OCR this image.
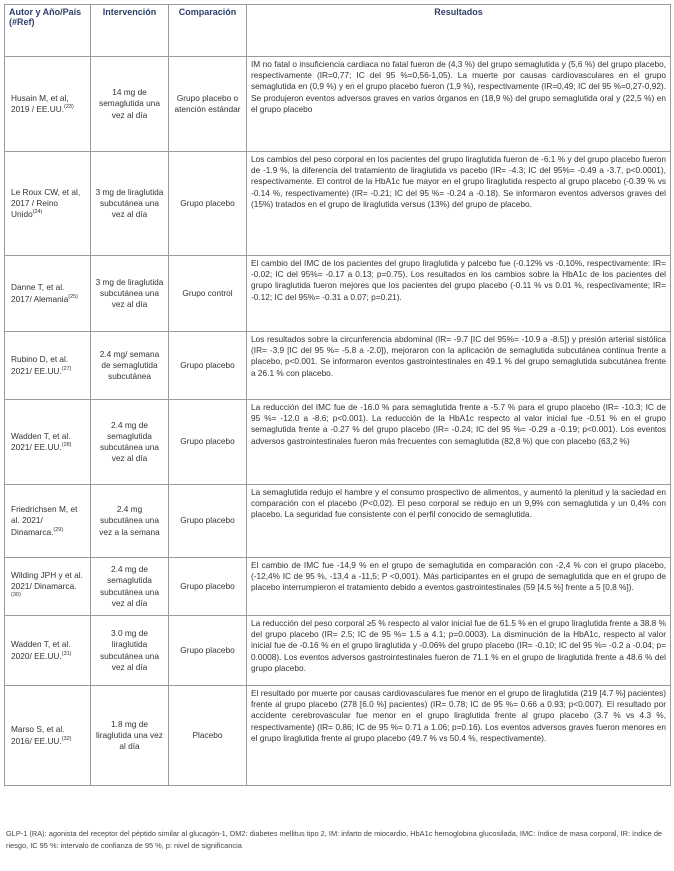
Autor y Año/País (#Ref)	Intervención	Comparación	Resultados
Husain M, et al, 2019 / EE.UU.$^{(23)}$	14 mg de semaglutida una vez al día	Grupo placebo o atención estándar	IM no fatal o insuficiencia cardiaca no fatal fueron de (4,3 %) del grupo semaglutida y (5,6 %) del grupo placebo, respectivamente (IR=0,77; IC del 95 %=0,56-1,05). La muerte por causas cardiovasculares en el grupo semaglutida en (0,9 %) y en el grupo placebo fueron (1,9 %), respectivamente (IR=0,49; IC del 95 %=0,27-0,92). Se produjeron eventos adversos graves en varios órganos en (18,9 %) del grupo semaglutida oral y (22,5 %) en el grupo placebo
Le Roux CW, et al, 2017 / Reino Unido$^{(24)}$	3 mg de liraglutida subcutánea una vez al día	Grupo placebo	Los cambios del peso corporal en los pacientes del grupo liraglutida fueron de -6.1 % y del grupo placebo fueron de -1.9 %, la diferencia del tratamiento de liraglutida vs pacebo (IR= -4.3; IC del 95%= -0.49 a -3.7, p<0.0001), respectivamente. El control de la HbA1c fue mayor en el grupo liraglutida respecto al grupo placebo (-0.39 % vs -0.14 %, respectivamente) (IR= -0.21; IC del 95 %= -0.24 a -0.18). Se informaron eventos adversos graves del (15%) tratados en el grupo de liraglutida versus (13%) del grupo de placebo.
Danne T, et al. 2017/ Alemania$^{(25)}$	3 mg de liraglutida subcutánea una vez al día	Grupo control	El cambio del IMC de los pacientes del grupo liraglutida y palcebo fue (-0.12% vs -0.10%, respectivamente: IR= -0.02; IC del 95%= -0.17 a 0.13; p=0.75). Los resultados en los cambios sobre la HbA1c de los pacientes del grupo liraglutida fueron mejores que los pacientes del grupo placebo (-0.11 % vs 0.01 %, respectivamente; IR= -0.12; IC del 95%= -0.31 a 0.07; p=0.21).
Rubino D, et al. 2021/ EE.UU.$^{(27)}$	2.4 mg/ semana de semaglutida subcutánea	Grupo placebo	Los resultados sobre la circunferencia abdominal (IR= -9.7 [IC del 95%= -10.9 a -8.5]) y presión arterial sistólica (IR= -3.9 [IC del 95 %= -5.8 a -2.0]), mejoraron con la aplicación de semaglutida subcutánea continua frente a placebo, p<0.001. Se informaron eventos gastrointestinales en 49.1 % del grupo semaglutida subcutánea frente a 26.1 % con placebo.
Wadden T, et al. 2021/ EE.UU.$^{(28)}$	2.4 mg de semaglutida subcutánea una vez al día	Grupo placebo	La reducción del IMC fue de -16.0 % para semaglutida frente a -5.7 % para el grupo placebo (IR= -10.3; IC de 95 %= -12.0 a -8.6; p<0.001). La reducción de la HbA1c respecto al valor inicial fue -0.51 % en el grupo semaglutida frente a -0.27 % del grupo placebo (IR= -0.24; IC del 95 %= -0.29 a -0.19; p<0.001). Los eventos adversos gastrointestinales fueron más frecuentes con semaglutida (82,8 %) que con placebo (63,2 %)
Friedrichsen M, et al. 2021/ Dinamarca.$^{(29)}$	2.4 mg subcutánea una vez a la semana	Grupo placebo	La semaglutida redujo el hambre y el consumo prospectivo de alimentos, y aumentó la plenitud y la saciedad en comparación con el placebo (P<0,02). El peso corporal se redujo en un 9,9% con semaglutida y un 0,4% con placebo. La seguridad fue consistente con el perfil conocido de semaglutida.
Wilding JPH y et al. 2021/ Dinamarca.$^{(30)}$	2.4 mg de semaglutida subcutánea una vez al día	Grupo placebo	El cambio de IMC fue -14,9 % en el grupo de semaglutida en comparación con -2,4 % con el grupo placebo, (-12,4% IC de 95 %, -13,4 a -11,5; P <0,001). Más participantes en el grupo de semaglutida que en el grupo de placebo interrumpieron el tratamiento debido a eventos gastrointestinales (59 [4.5 %] frente a 5 [0,8 %]).
Wadden T, et al. 2020/ EE.UU.$^{(31)}$	3.0 mg de liraglutida subcutánea una vez al día	Grupo placebo	La reducción del peso corporal ≥5 % respecto al valor inicial fue de 61.5 % en el grupo liraglutida frente a 38.8 % del grupo placebo (IR= 2.5; IC de 95 %= 1.5 a 4.1; p=0.0003). La disminución de la HbA1c, respecto al valor inicial fue de -0.16 % en el grupo liraglutida y -0.06% del grupo placebo (IR= -0.10; IC del 95 %= -0.2 a -0.04; p= 0.0008). Los eventos adversos gastrointestinales fueron de 71.1 % en el grupo de liraglutida frente a 48.6 % del grupo placebo.
Marso S, et al. 2016/ EE.UU.$^{(32)}$	1.8 mg de liraglutida una vez al día	Placebo	El resultado por muerte por causas cardiovasculares fue menor en el grupo de liraglutida (219 [4.7 %] pacientes) frente al grupo placebo (278 [6.0 %] pacientes) (IR= 0.78; IC de 95 %= 0.66 a 0.93; p<0.007). El resultado por accidente cerebrovascular fue menor en el grupo liraglutida frente al grupo placebo (3.7 % vs 4.3 %, respectivamente) (IR= 0.86; IC de 95 %= 0.71 a 1.06; p=0.16). Los eventos adversos graves fueron menores en el grupo liraglutida frente al grupo placebo (49.7 % vs 50.4 %, respectivamente).
GLP-1 (RA): agonista del receptor del péptido similar al glucagón-1, DM2: diabetes mellitus tipo 2, IM: infarto de miocardio, HbA1c hemoglobina glucosilada, IMC: índice de masa corporal, IR: índice de riesgo, IC 95 %: intervalo de confianza de 95 %, p: nivel de significancia
